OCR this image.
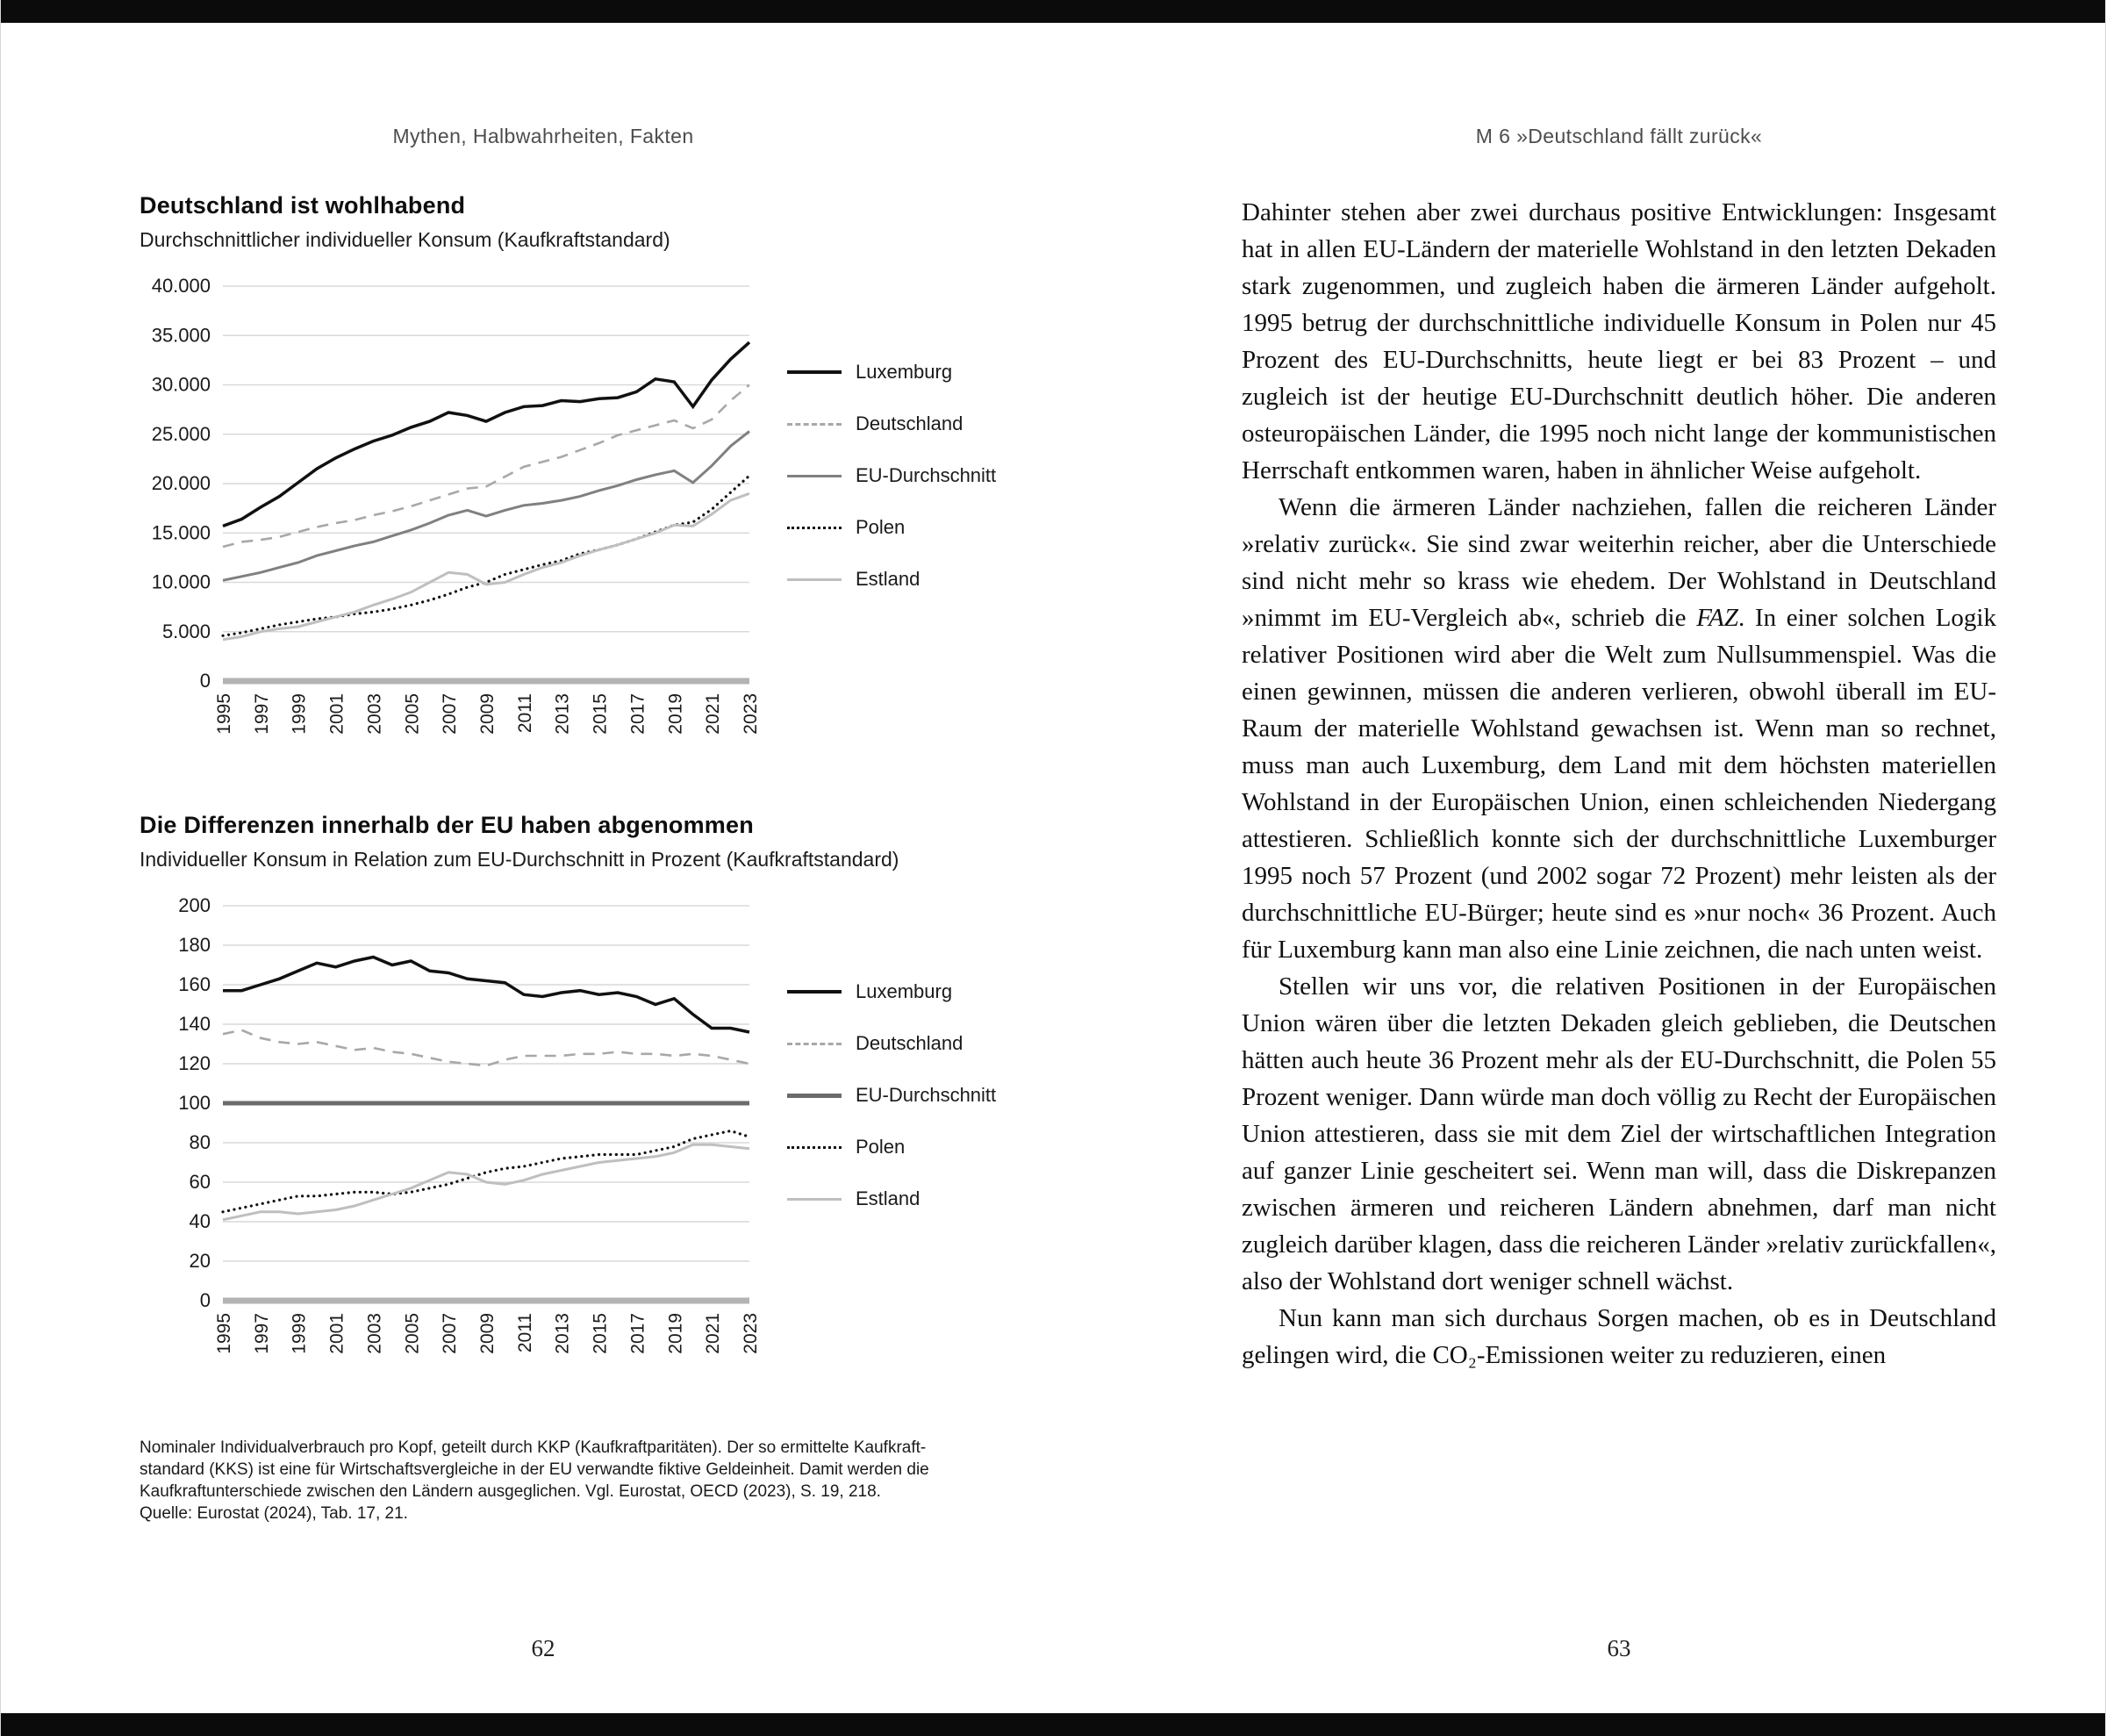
Mythen, Halbwahrheiten, Fakten
Deutschland ist wohlhabend
Durchschnittlicher individueller Konsum (Kaufkraftstandard)
0
5.000
10.000
15.000
20.000
25.000
30.000
35.000
40.000
1995 1997 1999 2001 2003 2005 2007 2009 2011 2013 2015 2017 2019 2021 2023
Luxemburg
Deutschland
EU-Durchschnitt
Polen
Estland
Die Differenzen innerhalb der EU haben abgenommen
Individueller Konsum in Relation zum EU-Durchschnitt in Prozent (Kaufkraftstandard)
0
20
40
60
80
100
120
140
160
180
200
1995 1997 1999 2001 2003 2005 2007 2009 2011 2013 2015 2017 2019 2021 2023
Luxemburg
Deutschland
EU-Durchschnitt
Polen
Estland
Nominaler Individualverbrauch pro Kopf, geteilt durch KKP (Kaufkraftparitäten). Der so ermittelte Kaufkraft-
standard (KKS) ist eine für Wirtschaftsvergleiche in der EU verwandte fiktive Geldeinheit. Damit werden die
Kaufkraftunterschiede zwischen den Ländern ausgeglichen. Vgl. Eurostat, OECD (2023), S. 19, 218.
Quelle: Eurostat (2024), Tab. 17, 21.
62
M 6 »Deutschland fällt zurück«

Dahinter stehen aber zwei durchaus positive Entwicklungen: Insgesamt hat in allen EU-Ländern der materielle Wohlstand in den letzten Dekaden stark zugenommen, und zugleich haben die ärmeren Länder aufgeholt. 1995 betrug der durchschnittliche individuelle Konsum in Polen nur 45 Prozent des EU-Durchschnitts, heute liegt er bei 83 Prozent – und zugleich ist der heutige EU-Durchschnitt deutlich höher. Die anderen osteuropäischen Länder, die 1995 noch nicht lange der kommunistischen Herrschaft entkommen waren, haben in ähnlicher Weise aufgeholt.

Wenn die ärmeren Länder nachziehen, fallen die reicheren Länder »relativ zurück«. Sie sind zwar weiterhin reicher, aber die Unterschiede sind nicht mehr so krass wie ehedem. Der Wohlstand in Deutschland »nimmt im EU-Vergleich ab«, schrieb die FAZ. In einer solchen Logik relativer Positionen wird aber die Welt zum Nullsummenspiel. Was die einen gewinnen, müssen die anderen verlieren, obwohl überall im EU-Raum der materielle Wohlstand gewachsen ist. Wenn man so rechnet, muss man auch Luxemburg, dem Land mit dem höchsten materiellen Wohlstand in der Europäischen Union, einen schleichenden Niedergang attestieren. Schließlich konnte sich der durchschnittliche Luxemburger 1995 noch 57 Prozent (und 2002 sogar 72 Prozent) mehr leisten als der durchschnittliche EU-Bürger; heute sind es »nur noch« 36 Prozent. Auch für Luxemburg kann man also eine Linie zeichnen, die nach unten weist.

Stellen wir uns vor, die relativen Positionen in der Europäischen Union wären über die letzten Dekaden gleich geblieben, die Deutschen hätten auch heute 36 Prozent mehr als der EU-Durchschnitt, die Polen 55 Prozent weniger. Dann würde man doch völlig zu Recht der Europäischen Union attestieren, dass sie mit dem Ziel der wirtschaftlichen Integration auf ganzer Linie gescheitert sei. Wenn man will, dass die Diskrepanzen zwischen ärmeren und reicheren Ländern abnehmen, darf man nicht zugleich darüber klagen, dass die reicheren Länder »relativ zurückfallen«, also der Wohlstand dort weniger schnell wächst.

Nun kann man sich durchaus Sorgen machen, ob es in Deutschland gelingen wird, die CO₂-Emissionen weiter zu reduzieren, einen

63
